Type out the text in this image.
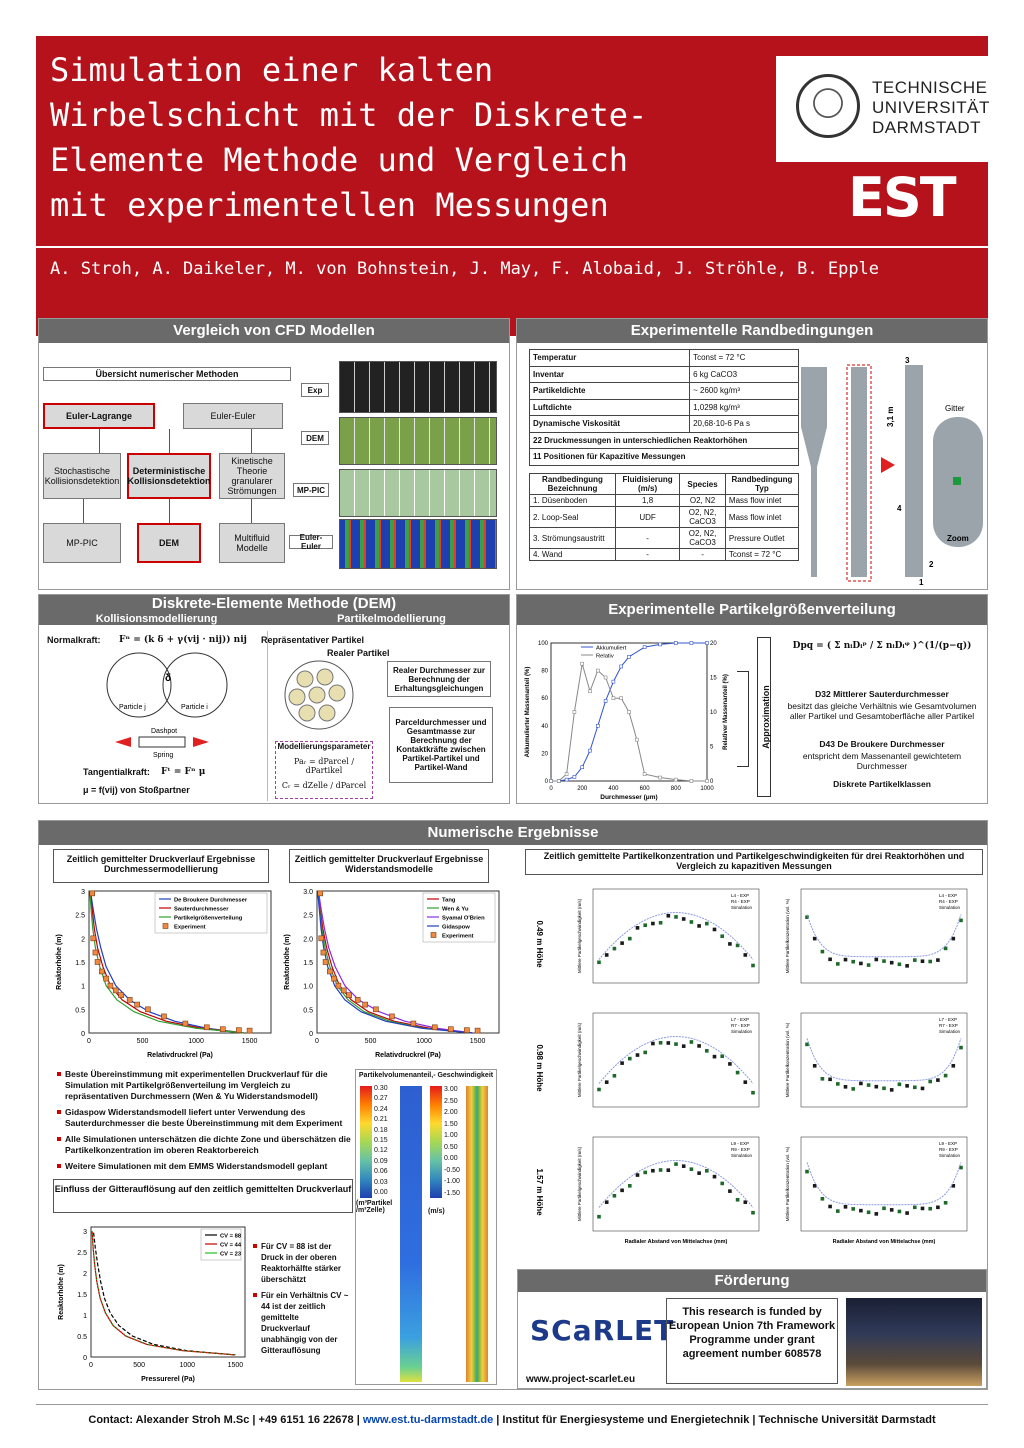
Simulation einer kalten
Wirbelschicht mit der Diskrete-
Elemente Methode und Vergleich
mit experimentellen Messungen
A. Stroh, A. Daikeler, M. von Bohnstein, J. May, F. Alobaid, J. Ströhle, B. Epple
TECHNISCHE
UNIVERSITÄT
DARMSTADT
EST
Vergleich von CFD Modellen
Übersicht numerischer Methoden
Euler-Lagrange	Euler-Euler
Stochastische Kollisionsdetektion
Deterministische Kollisionsdetektion
Kinetische Theorie granularer Strömungen
MP-PIC	DEM	Multifluid Modelle
Exp
DEM
MP-PIC
Euler-Euler
Experimentelle Randbedingungen
Temperatur	Tconst = 72 °C
Inventar	6 kg CaCO3
Partikeldichte	~ 2600 kg/m³
Luftdichte	1,0298 kg/m³
Dynamische Viskosität	20,68·10-6 Pa s
22 Druckmessungen in unterschiedlichen Reaktorhöhen	
11 Positionen für Kapazitive Messungen	
Randbedingung Bezeichnung	Fluidisierung (m/s)	Species	Randbedingung Typ
1. Düsenboden	1,8	O2, N2	Mass flow inlet
2. Loop-Seal	UDF	O2, N2, CaCO3	Mass flow inlet
3. Strömungsaustritt	-	O2, N2, CaCO3	Pressure Outlet
4. Wand	-	-	Tconst = 72 °C
Gitter
Zoom
3,1 m
3
4
2
1
Diskrete-Elemente Methode (DEM)
Kollisionsmodellierung	Partikelmodellierung
Normalkraft: Fⁿ = (k δ + γ(vij · nij)) nij
Particle j	Particle i
δ
Dashpot
Spring
Tangentialkraft: Fᵗ = Fⁿ μ
μ = f(vij) von Stoßpartner
Repräsentativer Partikel
Realer Partikel
Realer Durchmesser zur Berechnung der Erhaltungsgleichungen
Parceldurchmesser und Gesamtmasse zur Berechnung der Kontaktkräfte zwischen Partikel-Partikel und Partikel-Wand
Modellierungsparameter
Paᵣ = dParcel / dPartikel
Cᵣ = dZelle / dParcel
Experimentelle Partikelgrößenverteilung
0	200	400	600	800	1000
0
20
40
60
80
100
0
5
10
15
20
Durchmesser (μm)
Akkumulierter Massenanteil (%)	Relativer Massenanteil (%)
Akkumuliert
Relativ
Approximation
Dpq = ( Σ nᵢDᵢᵖ / Σ nᵢDᵢᵠ )^(1/(p−q))
D32 Mittlerer Sauterdurchmesser
besitzt das gleiche Verhältnis wie Gesamtvolumen aller Partikel und Gesamtoberfläche aller Partikel
D43 De Broukere Durchmesser
entspricht dem Massenanteil gewichtetem Durchmesser
Diskrete Partikelklassen
Numerische Ergebnisse
Zeitlich gemittelter Druckverlauf Ergebnisse Durchmessermodellierung
0	500	1000	1500
0
0.5
1
1.5
2
2.5
3
Relativdruckrel (Pa)
Reaktorhöhe (m)
De Broukere Durchmesser
Sauterdurchmesser
Partikelgrößenverteilung
Experiment
Zeitlich gemittelter Druckverlauf Ergebnisse Widerstandsmodelle
0	500	1000	1500
0
0.5
1.0
1.5
2.0
2.5
3.0
Relativdruckrel (Pa)
Reaktorhöhe (m)
Tang
Wen & Yu
Syamal O'Brien
Gidaspow
Experiment
Beste Übereinstimmung mit experimentellen Druckverlauf für die Simulation mit Partikelgrößenverteilung im Vergleich zu repräsentativen Durchmessern (Wen & Yu Widerstandsmodell)
Gidaspow Widerstandsmodell liefert unter Verwendung des Sauterdurchmesser die beste Übereinstimmung mit dem Experiment
Alle Simulationen unterschätzen die dichte Zone und überschätzen die Partikelkonzentration im oberen Reaktorbereich
Weitere Simulationen mit dem EMMS Widerstandsmodell geplant
Einfluss der Gitterauflösung auf den zeitlich gemittelten Druckverlauf
0	500	1000	1500
0
0.5
1
1.5
2
2.5
3
Pressurerel (Pa)
Reaktorhöhe (m)
CV = 88
CV = 44
CV = 23
Für CV = 88 ist der Druck in der oberen Reaktorhälfte stärker überschätzt
Für ein Verhältnis CV ~ 44 ist der zeitlich gemittelte Druckverlauf unabhängig von der Gitterauflösung
Partikelvolumenanteil,- Geschwindigkeit
0.30
0.27
0.24
0.21
0.18
0.15
0.12
0.09
0.06
0.03
0.00
3.00
2.50
2.00
1.50
1.00
0.50
0.00
-0.50
-1.00
-1.50
(m³Partikel /m³Zelle)	(m/s)
Zeitlich gemittelte Partikelkonzentration und Partikelgeschwindigkeiten für drei Reaktorhöhen und Vergleich zu kapazitiven Messungen
0.49 m Höhe	Mittlere Partikelgeschwindigkeit (m/s)
L4 - EXP
R4 - EXP
Simulation	Mittlere Partikelkonzentration (vol. %)
L4 - EXP
R4 - EXP
Simulation
0.98 m Höhe	Mittlere Partikelgeschwindigkeit (m/s)
L7 - EXP
R7 - EXP
Simulation	Mittlere Partikelkonzentration (vol. %)
L7 - EXP
R7 - EXP
Simulation
1.57 m Höhe	Mittlere Partikelgeschwindigkeit (m/s)
L9 - EXP
R9 - EXP
Simulation
Radialer Abstand von Mittelachse (mm)
Mittlere Partikelkonzentration (vol. %)
L9 - EXP
R9 - EXP
Simulation
Radialer Abstand von Mittelachse (mm)
Förderung
SCaRLET
www.project-scarlet.eu
This research is funded by European Union 7th Framework Programme under grant agreement number 608578
Contact: Alexander Stroh M.Sc | +49 6151 16 22678 | www.est.tu-darmstadt.de | Institut für Energiesysteme und Energietechnik | Technische Universität Darmstadt
